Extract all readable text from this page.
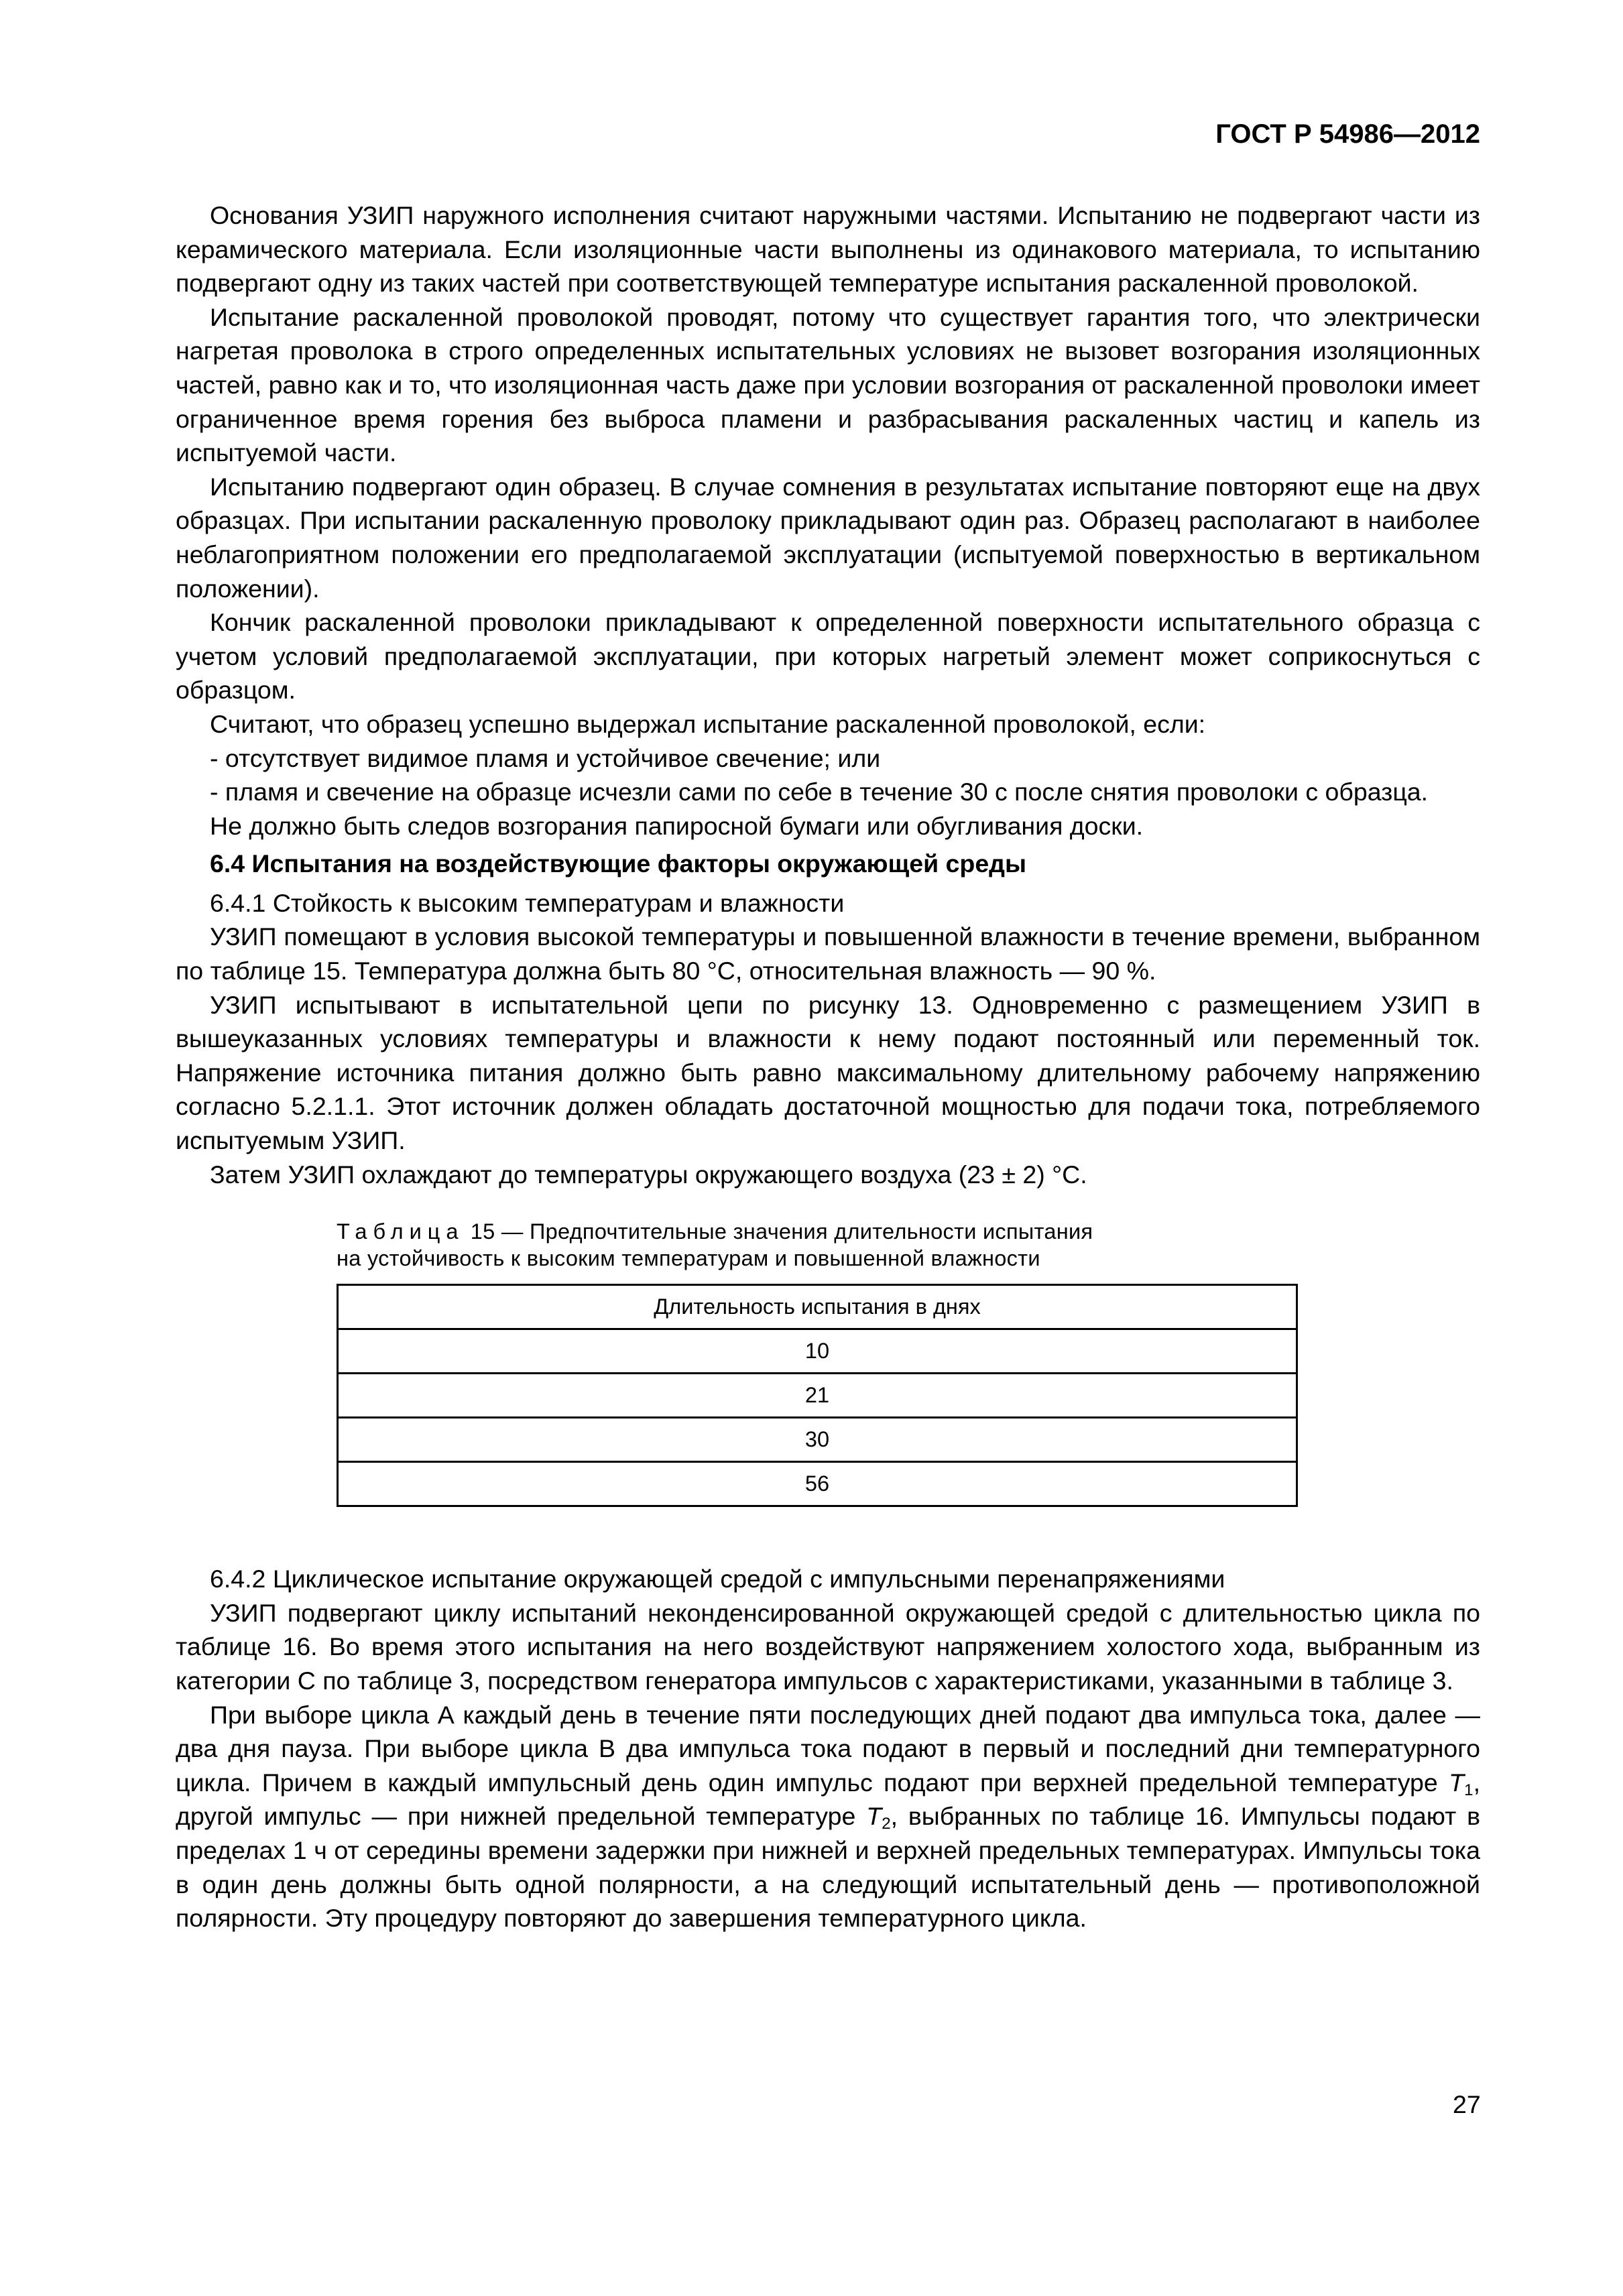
ГОСТ Р 54986—2012

Основания УЗИП наружного исполнения считают наружными частями. Испытанию не подвергают части из керамического материала. Если изоляционные части выполнены из одинакового материала, то испытанию подвергают одну из таких частей при соответствующей температуре испытания раскаленной проволокой.

Испытание раскаленной проволокой проводят, потому что существует гарантия того, что электрически нагретая проволока в строго определенных испытательных условиях не вызовет возгорания изоляционных частей, равно как и то, что изоляционная часть даже при условии возгорания от раскаленной проволоки имеет ограниченное время горения без выброса пламени и разбрасывания раскаленных частиц и капель из испытуемой части.

Испытанию подвергают один образец. В случае сомнения в результатах испытание повторяют еще на двух образцах. При испытании раскаленную проволоку прикладывают один раз. Образец располагают в наиболее неблагоприятном положении его предполагаемой эксплуатации (испытуемой поверхностью в вертикальном положении).

Кончик раскаленной проволоки прикладывают к определенной поверхности испытательного образца с учетом условий предполагаемой эксплуатации, при которых нагретый элемент может соприкоснуться с образцом.

Считают, что образец успешно выдержал испытание раскаленной проволокой, если:

- отсутствует видимое пламя и устойчивое свечение; или

- пламя и свечение на образце исчезли сами по себе в течение 30 с после снятия проволоки с образца.

Не должно быть следов возгорания папиросной бумаги или обугливания доски.

6.4 Испытания на воздействующие факторы окружающей среды

6.4.1 Стойкость к высоким температурам и влажности

УЗИП помещают в условия высокой температуры и повышенной влажности в течение времени, выбранном по таблице 15. Температура должна быть 80 °С, относительная влажность — 90 %.

УЗИП испытывают в испытательной цепи по рисунку 13. Одновременно с размещением УЗИП в вышеуказанных условиях температуры и влажности к нему подают постоянный или переменный ток. Напряжение источника питания должно быть равно максимальному длительному рабочему напряжению согласно 5.2.1.1. Этот источник должен обладать достаточной мощностью для подачи тока, потребляемого испытуемым УЗИП.

Затем УЗИП охлаждают до температуры окружающего воздуха (23 ± 2) °С.

Таблица 15 — Предпочтительные значения длительности испытания
на устойчивость к высоким температурам и повышенной влажности
Длительность испытания в днях
10
21
30
56

6.4.2 Циклическое испытание окружающей средой с импульсными перенапряжениями

УЗИП подвергают циклу испытаний неконденсированной окружающей средой с длительностью цикла по таблице 16. Во время этого испытания на него воздействуют напряжением холостого хода, выбранным из категории С по таблице 3, посредством генератора импульсов с характеристиками, указанными в таблице 3.

При выборе цикла А каждый день в течение пяти последующих дней подают два импульса тока, далее — два дня пауза. При выборе цикла В два импульса тока подают в первый и последний дни температурного цикла. Причем в каждый импульсный день один импульс подают при верхней предельной температуре $T_1$, другой импульс — при нижней предельной температуре $T_2$, выбранных по таблице 16. Импульсы подают в пределах 1 ч от середины времени задержки при нижней и верхней предельных температурах. Импульсы тока в один день должны быть одной полярности, а на следующий испытательный день — противоположной полярности. Эту процедуру повторяют до завершения температурного цикла.

27
